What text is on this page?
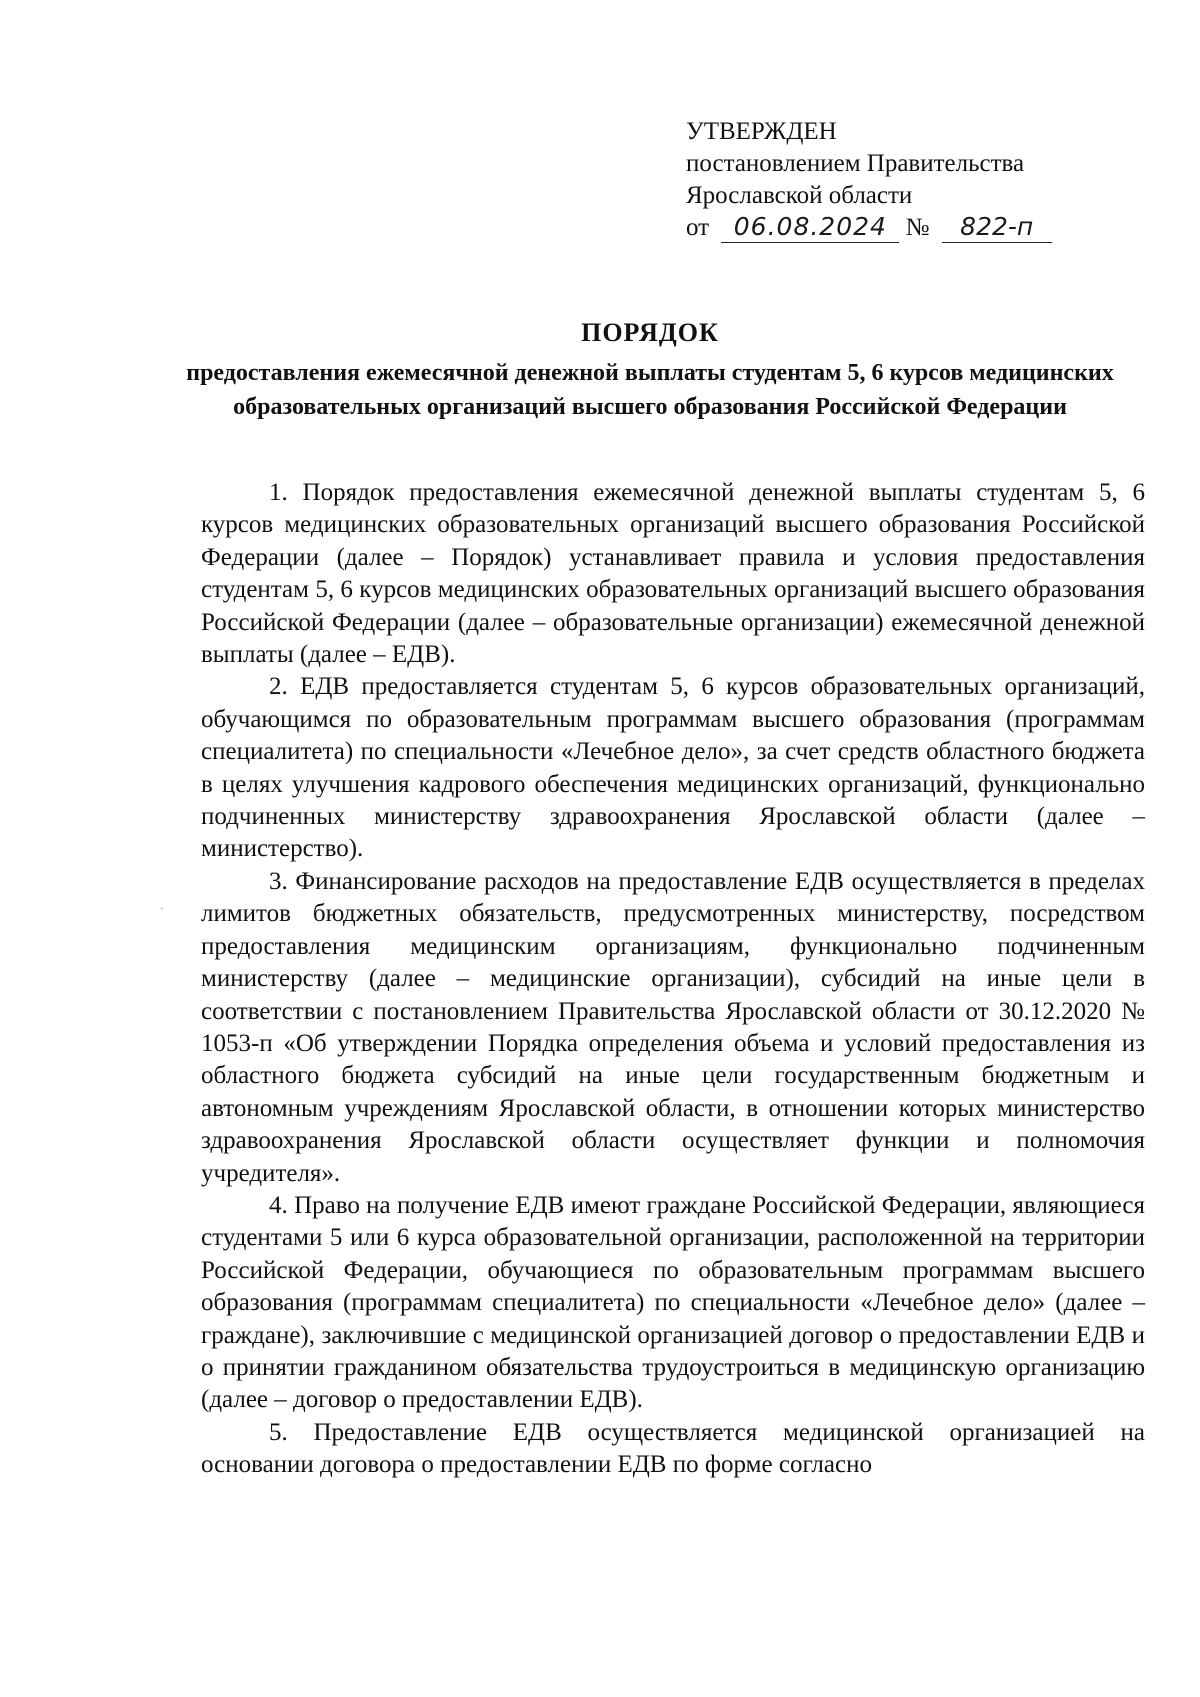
УТВЕРЖДЕН
постановлением Правительства
Ярославской области
от 06.08.2024 № 822-п
ПОРЯДОК
предоставления ежемесячной денежной выплаты студентам 5, 6 курсов медицинских образовательных организаций высшего образования Российской Федерации

1. Порядок предоставления ежемесячной денежной выплаты студентам 5, 6 курсов медицинских образовательных организаций высшего образования Российской Федерации (далее – Порядок) устанавливает правила и условия предоставления студентам 5, 6 курсов медицинских образовательных организаций высшего образования Российской Федерации (далее – образовательные организации) ежемесячной денежной выплаты (далее – ЕДВ).

2. ЕДВ предоставляется студентам 5, 6 курсов образовательных организаций, обучающимся по образовательным программам высшего образования (программам специалитета) по специальности «Лечебное дело», за счет средств областного бюджета в целях улучшения кадрового обеспечения медицинских организаций, функционально подчиненных министерству здравоохранения Ярославской области (далее – министерство).

3. Финансирование расходов на предоставление ЕДВ осуществляется в пределах лимитов бюджетных обязательств, предусмотренных министерству, посредством предоставления медицинским организациям, функционально подчиненным министерству (далее – медицинские организации), субсидий на иные цели в соответствии с постановлением Правительства Ярославской области от 30.12.2020 № 1053-п «Об утверждении Порядка определения объема и условий предоставления из областного бюджета субсидий на иные цели государственным бюджетным и автономным учреждениям Ярославской области, в отношении которых министерство здравоохранения Ярославской области осуществляет функции и полномочия учредителя».

4. Право на получение ЕДВ имеют граждане Российской Федерации, являющиеся студентами 5 или 6 курса образовательной организации, расположенной на территории Российской Федерации, обучающиеся по образовательным программам высшего образования (программам специалитета) по специальности «Лечебное дело» (далее – граждане), заключившие с медицинской организацией договор о предоставлении ЕДВ и о принятии гражданином обязательства трудоустроиться в медицинскую организацию (далее – договор о предоставлении ЕДВ).

5. Предоставление ЕДВ осуществляется медицинской организацией на основании договора о предоставлении ЕДВ по форме согласно

ˎ
